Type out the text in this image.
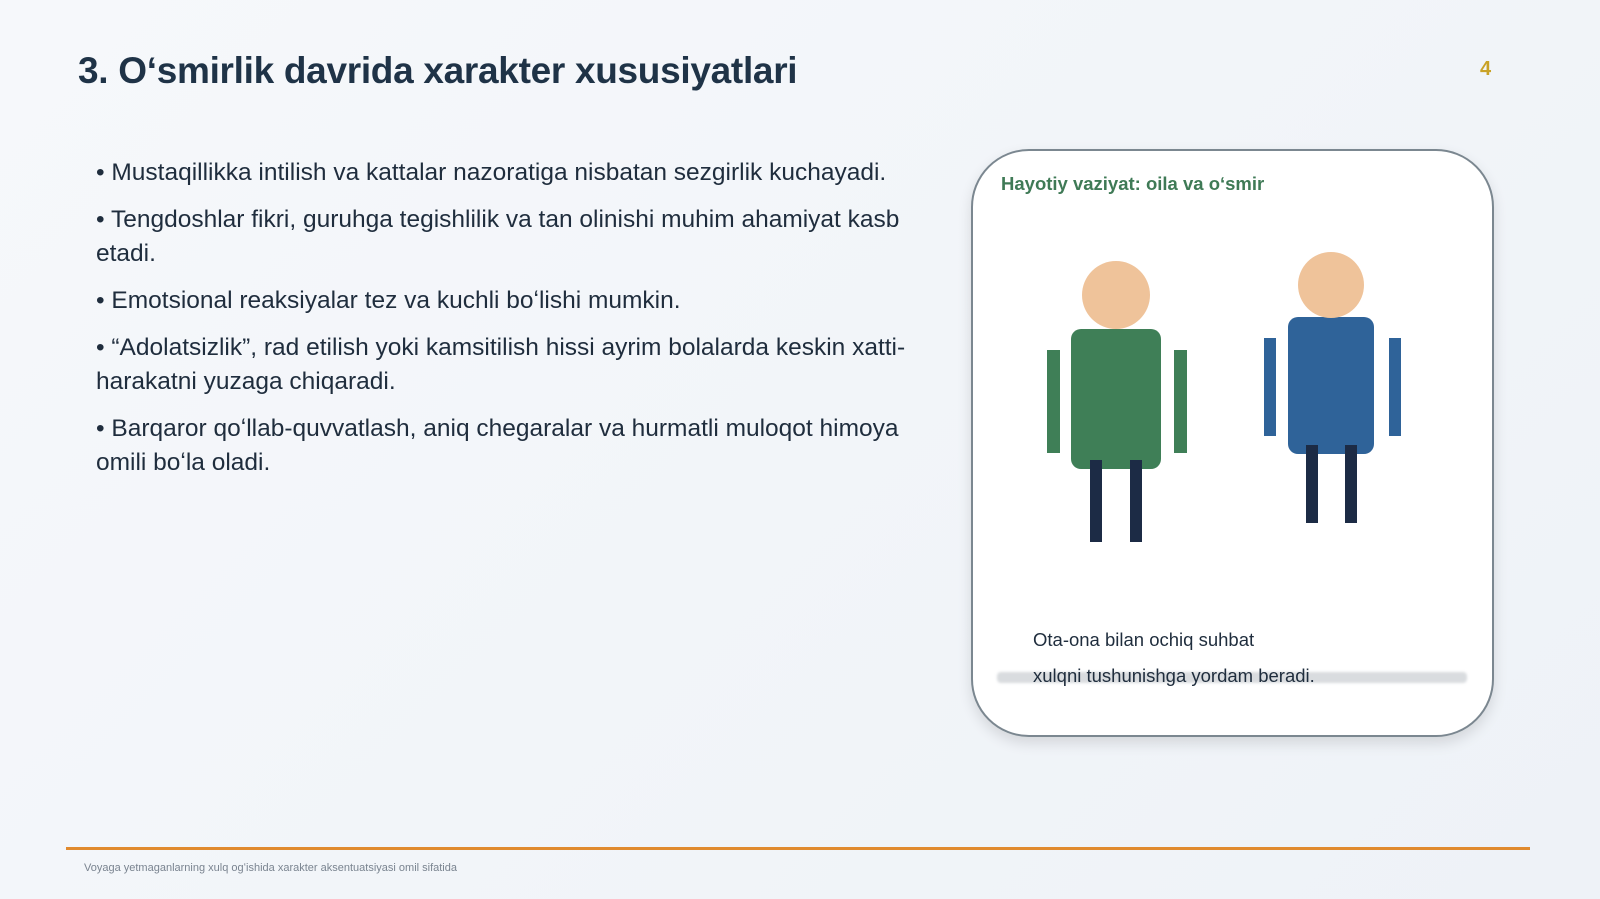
3. Oʻsmirlik davrida xarakter xususiyatlari	4
• Mustaqillikka intilish va kattalar nazoratiga nisbatan sezgirlik kuchayadi.
• Tengdoshlar fikri, guruhga tegishlilik va tan olinishi muhim ahamiyat kasb etadi.
• Emotsional reaksiyalar tez va kuchli boʻlishi mumkin.
• “Adolatsizlik”, rad etilish yoki kamsitilish hissi ayrim bolalarda keskin xatti-harakatni yuzaga chiqaradi.
• Barqaror qoʻllab-quvvatlash, aniq chegaralar va hurmatli muloqot himoya omili boʻla oladi.
Hayotiy vaziyat: oila va oʻsmir
Ota-ona bilan ochiq suhbat
xulqni tushunishga yordam beradi.
Voyaga yetmaganlarning xulq ogʻishida xarakter aksentuatsiyasi omil sifatida
